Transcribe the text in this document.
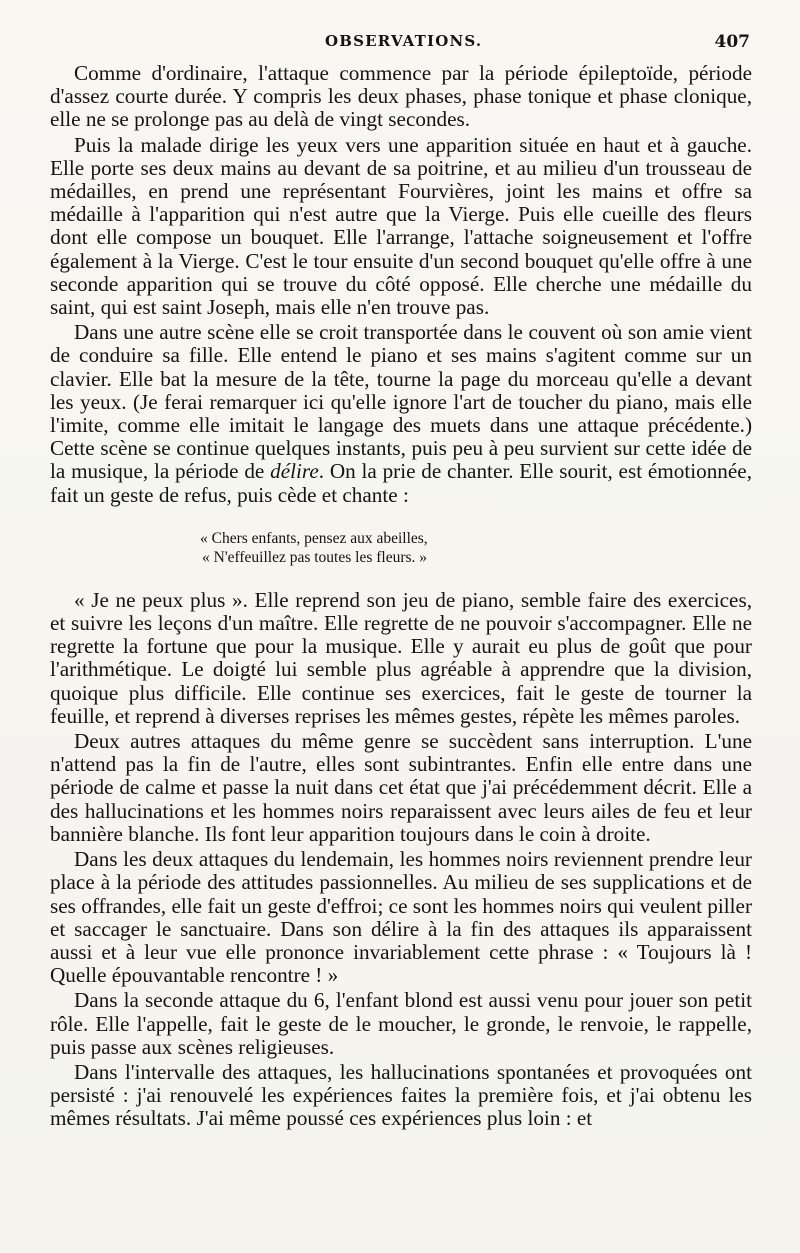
OBSERVATIONS.	407

Comme d'ordinaire, l'attaque commence par la période épileptoïde, période d'assez courte durée. Y compris les deux phases, phase tonique et phase clonique, elle ne se prolonge pas au delà de vingt secondes.

Puis la malade dirige les yeux vers une apparition située en haut et à gauche. Elle porte ses deux mains au devant de sa poitrine, et au milieu d'un trousseau de médailles, en prend une représentant Fourvières, joint les mains et offre sa médaille à l'apparition qui n'est autre que la Vierge. Puis elle cueille des fleurs dont elle compose un bouquet. Elle l'arrange, l'attache soigneusement et l'offre également à la Vierge. C'est le tour ensuite d'un second bouquet qu'elle offre à une seconde apparition qui se trouve du côté opposé. Elle cherche une médaille du saint, qui est saint Joseph, mais elle n'en trouve pas.

Dans une autre scène elle se croit transportée dans le couvent où son amie vient de conduire sa fille. Elle entend le piano et ses mains s'agitent comme sur un clavier. Elle bat la mesure de la tête, tourne la page du morceau qu'elle a devant les yeux. (Je ferai remarquer ici qu'elle ignore l'art de toucher du piano, mais elle l'imite, comme elle imitait le langage des muets dans une attaque précédente.) Cette scène se continue quelques instants, puis peu à peu survient sur cette idée de la musique, la période de délire. On la prie de chanter. Elle sourit, est émotionnée, fait un geste de refus, puis cède et chante :

« Chers enfants, pensez aux abeilles,
« N'effeuillez pas toutes les fleurs. »

« Je ne peux plus ». Elle reprend son jeu de piano, semble faire des exercices, et suivre les leçons d'un maître. Elle regrette de ne pouvoir s'accompagner. Elle ne regrette la fortune que pour la musique. Elle y aurait eu plus de goût que pour l'arithmétique. Le doigté lui semble plus agréable à apprendre que la division, quoique plus difficile. Elle continue ses exercices, fait le geste de tourner la feuille, et reprend à diverses reprises les mêmes gestes, répète les mêmes paroles.

Deux autres attaques du même genre se succèdent sans interruption. L'une n'attend pas la fin de l'autre, elles sont subintrantes. Enfin elle entre dans une période de calme et passe la nuit dans cet état que j'ai précédemment décrit. Elle a des hallucinations et les hommes noirs reparaissent avec leurs ailes de feu et leur bannière blanche. Ils font leur apparition toujours dans le coin à droite.

Dans les deux attaques du lendemain, les hommes noirs reviennent prendre leur place à la période des attitudes passionnelles. Au milieu de ses supplications et de ses offrandes, elle fait un geste d'effroi; ce sont les hommes noirs qui veulent piller et saccager le sanctuaire. Dans son délire à la fin des attaques ils apparaissent aussi et à leur vue elle prononce invariablement cette phrase : « Toujours là ! Quelle épouvantable rencontre ! »

Dans la seconde attaque du 6, l'enfant blond est aussi venu pour jouer son petit rôle. Elle l'appelle, fait le geste de le moucher, le gronde, le renvoie, le rappelle, puis passe aux scènes religieuses.

Dans l'intervalle des attaques, les hallucinations spontanées et provoquées ont persisté : j'ai renouvelé les expériences faites la première fois, et j'ai obtenu les mêmes résultats. J'ai même poussé ces expériences plus loin : et
